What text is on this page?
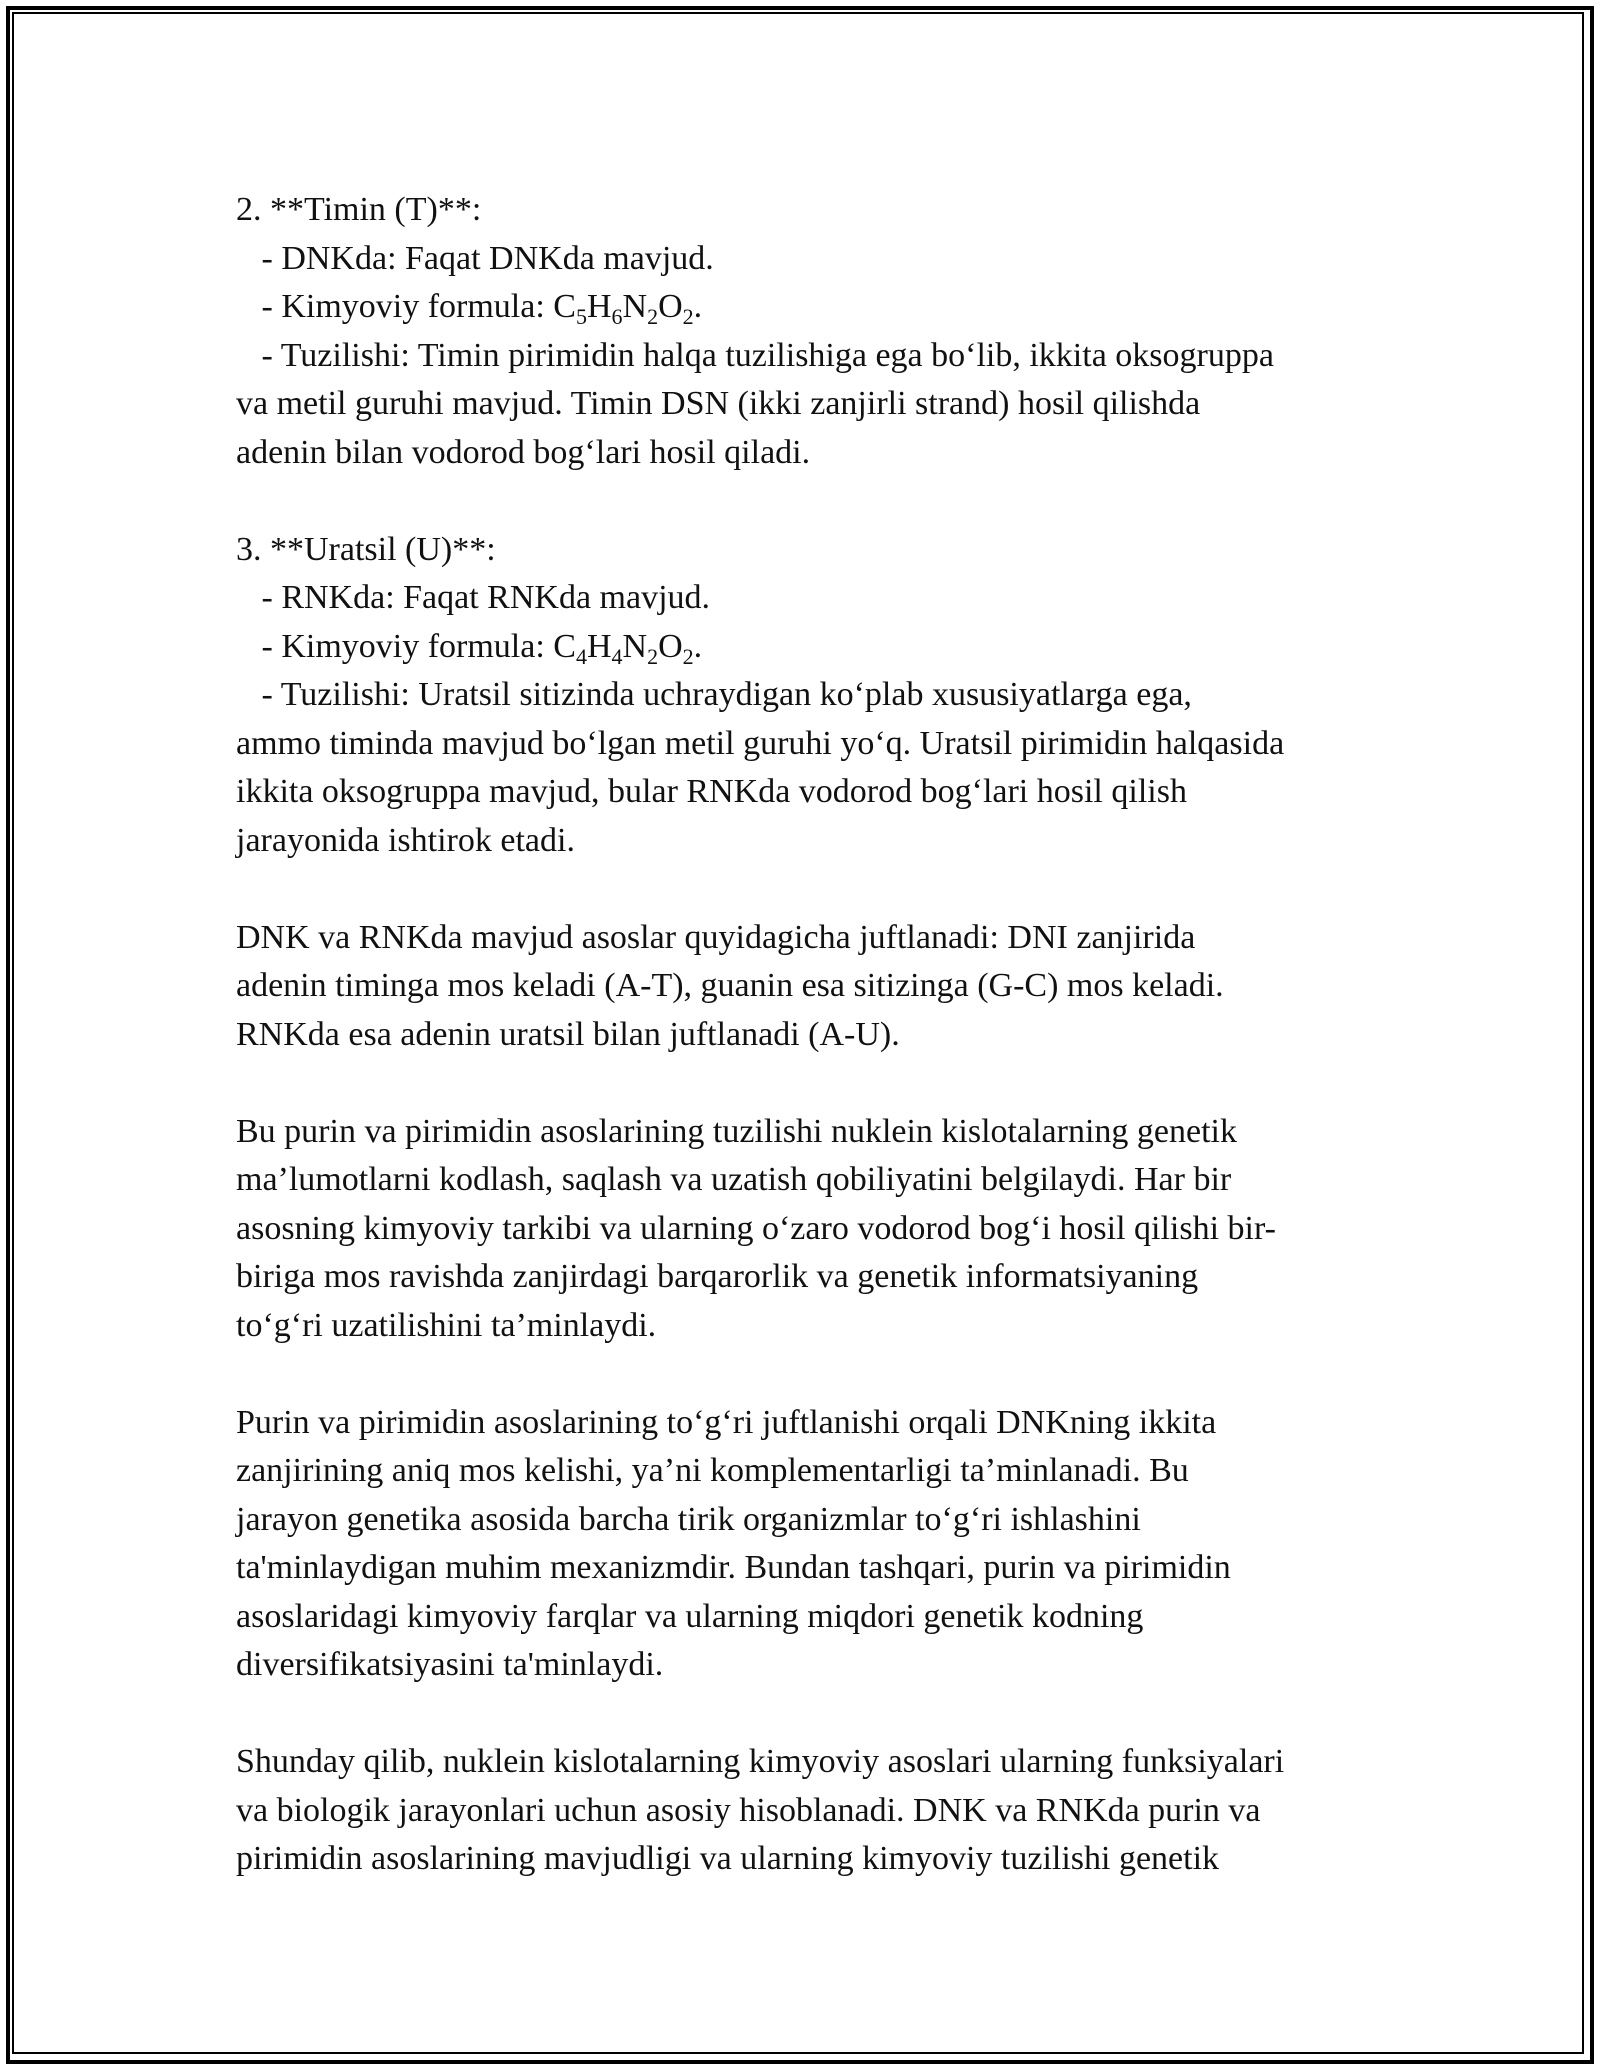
2. **Timin (T)**:
- DNKda: Faqat DNKda mavjud.
- Kimyoviy formula: $C_5H_6N_2O_2$.
- Tuzilishi: Timin pirimidin halqa tuzilishiga ega bo‘lib, ikkita oksogruppa
va metil guruhi mavjud. Timin DSN (ikki zanjirli strand) hosil qilishda
adenin bilan vodorod bog‘lari hosil qiladi.
3. **Uratsil (U)**:
- RNKda: Faqat RNKda mavjud.
- Kimyoviy formula: $C_4H_4N_2O_2$.
- Tuzilishi: Uratsil sitizinda uchraydigan ko‘plab xususiyatlarga ega,
ammo timinda mavjud bo‘lgan metil guruhi yo‘q. Uratsil pirimidin halqasida
ikkita oksogruppa mavjud, bular RNKda vodorod bog‘lari hosil qilish
jarayonida ishtirok etadi.
DNK va RNKda mavjud asoslar quyidagicha juftlanadi: DNI zanjirida
adenin timinga mos keladi (A-T), guanin esa sitizinga (G-C) mos keladi.
RNKda esa adenin uratsil bilan juftlanadi (A-U).
Bu purin va pirimidin asoslarining tuzilishi nuklein kislotalarning genetik
ma’lumotlarni kodlash, saqlash va uzatish qobiliyatini belgilaydi. Har bir
asosning kimyoviy tarkibi va ularning o‘zaro vodorod bog‘i hosil qilishi bir-
biriga mos ravishda zanjirdagi barqarorlik va genetik informatsiyaning
to‘g‘ri uzatilishini ta’minlaydi.
Purin va pirimidin asoslarining to‘g‘ri juftlanishi orqali DNKning ikkita
zanjirining aniq mos kelishi, ya’ni komplementarligi ta’minlanadi. Bu
jarayon genetika asosida barcha tirik organizmlar to‘g‘ri ishlashini
ta'minlaydigan muhim mexanizmdir. Bundan tashqari, purin va pirimidin
asoslaridagi kimyoviy farqlar va ularning miqdori genetik kodning
diversifikatsiyasini ta'minlaydi.
Shunday qilib, nuklein kislotalarning kimyoviy asoslari ularning funksiyalari
va biologik jarayonlari uchun asosiy hisoblanadi. DNK va RNKda purin va
pirimidin asoslarining mavjudligi va ularning kimyoviy tuzilishi genetik
